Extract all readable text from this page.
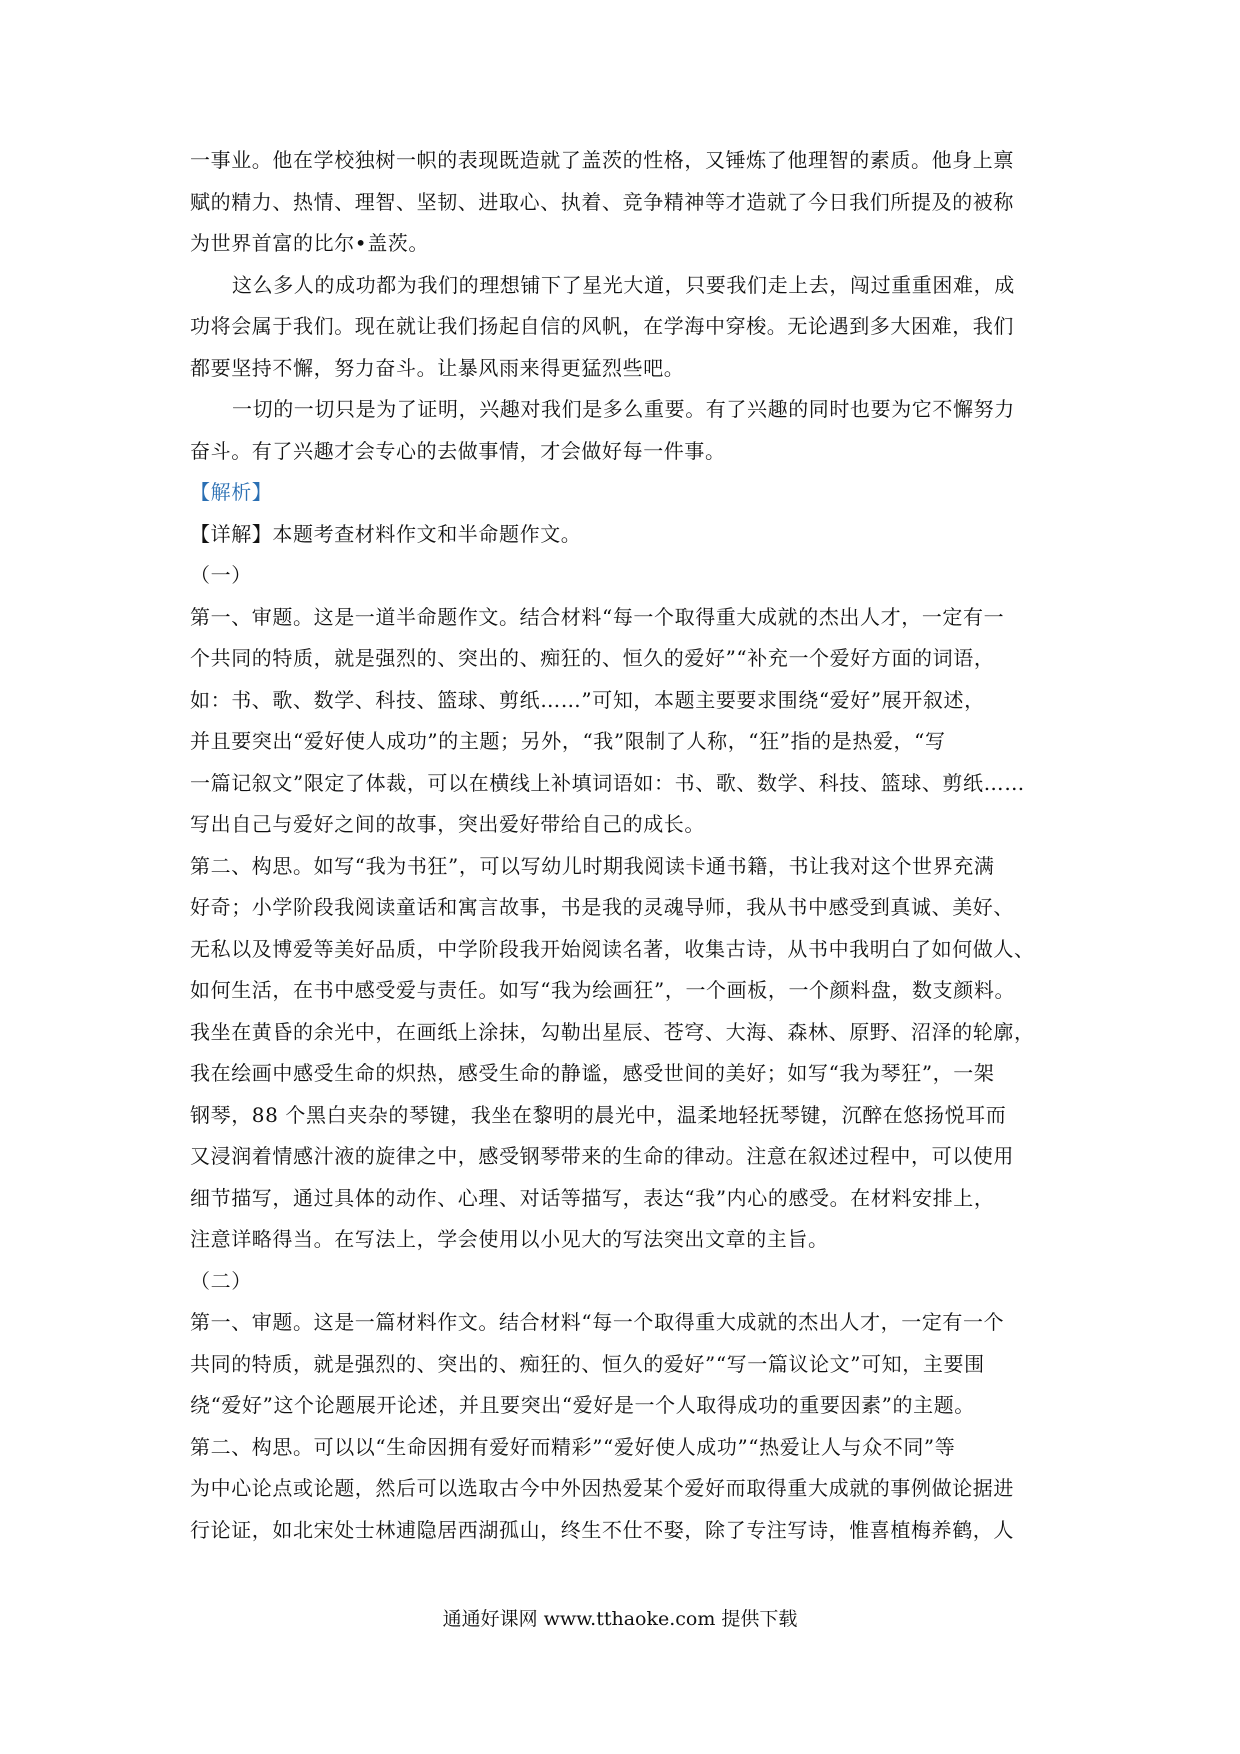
一事业。他在学校独树一帜的表现既造就了盖茨的性格，又锤炼了他理智的素质。他身上禀
赋的精力、热情、理智、坚韧、进取心、执着、竞争精神等才造就了今日我们所提及的被称
为世界首富的比尔•盖茨。
这么多人的成功都为我们的理想铺下了星光大道，只要我们走上去，闯过重重困难，成
功将会属于我们。现在就让我们扬起自信的风帆，在学海中穿梭。无论遇到多大困难，我们
都要坚持不懈，努力奋斗。让暴风雨来得更猛烈些吧。
一切的一切只是为了证明，兴趣对我们是多么重要。有了兴趣的同时也要为它不懈努力
奋斗。有了兴趣才会专心的去做事情，才会做好每一件事。
【解析】
【详解】本题考查材料作文和半命题作文。
（一）
第一、审题。这是一道半命题作文。结合材料“每一个取得重大成就的杰出人才，一定有一
个共同的特质，就是强烈的、突出的、痴狂的、恒久的爱好”“补充一个爱好方面的词语，
如：书、歌、数学、科技、篮球、剪纸……”可知，本题主要要求围绕“爱好”展开叙述，
并且要突出“爱好使人成功”的主题；另外，“我”限制了人称，“狂”指的是热爱，“写
一篇记叙文”限定了体裁，可以在横线上补填词语如：书、歌、数学、科技、篮球、剪纸……
写出自己与爱好之间的故事，突出爱好带给自己的成长。
第二、构思。如写“我为书狂”，可以写幼儿时期我阅读卡通书籍，书让我对这个世界充满
好奇；小学阶段我阅读童话和寓言故事，书是我的灵魂导师，我从书中感受到真诚、美好、
无私以及博爱等美好品质，中学阶段我开始阅读名著，收集古诗，从书中我明白了如何做人、
如何生活，在书中感受爱与责任。如写“我为绘画狂”，一个画板，一个颜料盘，数支颜料。
我坐在黄昏的余光中，在画纸上涂抹，勾勒出星辰、苍穹、大海、森林、原野、沼泽的轮廓，
我在绘画中感受生命的炽热，感受生命的静谧，感受世间的美好；如写“我为琴狂”，一架
钢琴，88 个黑白夹杂的琴键，我坐在黎明的晨光中，温柔地轻抚琴键，沉醉在悠扬悦耳而
又浸润着情感汁液的旋律之中，感受钢琴带来的生命的律动。注意在叙述过程中，可以使用
细节描写，通过具体的动作、心理、对话等描写，表达“我”内心的感受。在材料安排上，
注意详略得当。在写法上，学会使用以小见大的写法突出文章的主旨。
（二）
第一、审题。这是一篇材料作文。结合材料“每一个取得重大成就的杰出人才，一定有一个
共同的特质，就是强烈的、突出的、痴狂的、恒久的爱好”“写一篇议论文”可知，主要围
绕“爱好”这个论题展开论述，并且要突出“爱好是一个人取得成功的重要因素”的主题。
第二、构思。可以以“生命因拥有爱好而精彩”“爱好使人成功”“热爱让人与众不同”等
为中心论点或论题，然后可以选取古今中外因热爱某个爱好而取得重大成就的事例做论据进
行论证，如北宋处士林逋隐居西湖孤山，终生不仕不娶，除了专注写诗，惟喜植梅养鹤，人
通通好课网 www.tthaoke.com 提供下载
